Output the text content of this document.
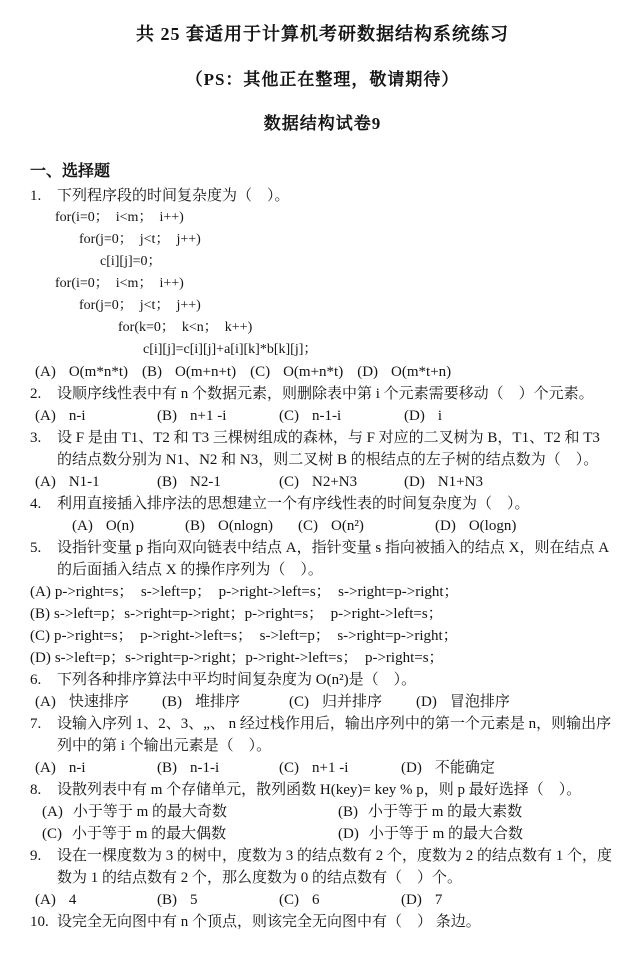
共 25 套适用于计算机考研数据结构系统练习
（PS：其他正在整理，敬请期待）
数据结构试卷9
一、选择题
1. 下列程序段的时间复杂度为（　）。
for(i=0；  i<m；  i++)
for(j=0；  j<t；  j++)
c[i][j]=0；
for(i=0；  i<m；  i++)
for(j=0；  j<t；  j++)
for(k=0；  k<n；  k++)
c[i][j]=c[i][j]+a[i][k]*b[k][j]；
(A) O(m*n*t) (B) O(m+n+t) (C) O(m+n*t) (D) O(m*t+n)
2. 设顺序线性表中有 n 个数据元素，则删除表中第 i 个元素需要移动（　）个元素。
(A) n-i	(B) n+1 -i	(C) n-1-i	(D) i
3. 设 F 是由 T1、T2 和 T3 三棵树组成的森林，与 F 对应的二叉树为 B，T1、T2 和 T3 的结点数分别为 N1、N2 和 N3，则二叉树 B 的根结点的左子树的结点数为（　）。
(A) N1-1	(B) N2-1	(C) N2+N3	(D) N1+N3
4. 利用直接插入排序法的思想建立一个有序线性表的时间复杂度为（　）。
(A) O(n)	(B) O(nlogn)	(C) O(n²)	(D) O(logn)
5. 设指针变量 p 指向双向链表中结点 A，指针变量 s 指向被插入的结点 X，则在结点 A 的后面插入结点 X 的操作序列为（　）。
(A) p->right=s；  s->left=p；  p->right->left=s；  s->right=p->right；
(B) s->left=p；s->right=p->right；p->right=s；  p->right->left=s；
(C) p->right=s；  p->right->left=s；  s->left=p；  s->right=p->right；
(D) s->left=p；s->right=p->right；p->right->left=s；  p->right=s；
6. 下列各种排序算法中平均时间复杂度为 O(n²)是（　）。
(A) 快速排序	(B) 堆排序	(C) 归并排序	(D) 冒泡排序
7. 设输入序列 1、2、3、„、 n 经过栈作用后，输出序列中的第一个元素是 n，则输出序列中的第 i 个输出元素是（　）。
(A) n-i	(B) n-1-i	(C) n+1 -i	(D) 不能确定
8. 设散列表中有 m 个存储单元，散列函数 H(key)= key % p，则 p 最好选择（　）。
(A) 小于等于 m 的最大奇数	(B) 小于等于 m 的最大素数
(C) 小于等于 m 的最大偶数	(D) 小于等于 m 的最大合数
9. 设在一棵度数为 3 的树中，度数为 3 的结点数有 2 个，度数为 2 的结点数有 1 个，度数为 1 的结点数有 2 个，那么度数为 0 的结点数有（　）个。
(A) 4	(B) 5	(C) 6	(D) 7
10. 设完全无向图中有 n 个顶点，则该完全无向图中有（　） 条边。
